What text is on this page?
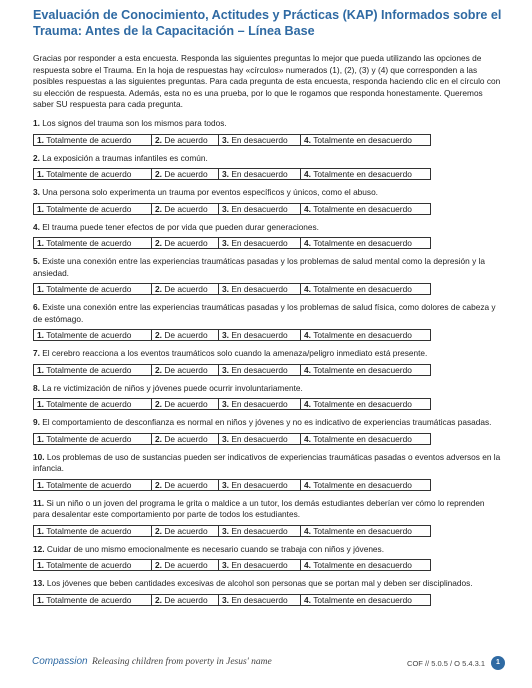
Evaluación de Conocimiento, Actitudes y Prácticas (KAP) Informados sobre el Trauma: Antes de la Capacitación – Línea Base
Gracias por responder a esta encuesta. Responda las siguientes preguntas lo mejor que pueda utilizando las opciones de respuesta sobre el Trauma. En la hoja de respuestas hay «círculos» numerados (1), (2), (3) y (4) que corresponden a las posibles respuestas a las siguientes preguntas. Para cada pregunta de esta encuesta, responda haciendo clic en el círculo con su elección de respuesta. Además, esta no es una prueba, por lo que le rogamos que responda honestamente. Queremos saber SU respuesta para cada pregunta.
1. Los signos del trauma son los mismos para todos.
1. Totalmente de acuerdo	2. De acuerdo	3. En desacuerdo	4. Totalmente en desacuerdo
2. La exposición a traumas infantiles es común.
1. Totalmente de acuerdo	2. De acuerdo	3. En desacuerdo	4. Totalmente en desacuerdo
3. Una persona solo experimenta un trauma por eventos específicos y únicos, como el abuso.
1. Totalmente de acuerdo	2. De acuerdo	3. En desacuerdo	4. Totalmente en desacuerdo
4. El trauma puede tener efectos de por vida que pueden durar generaciones.
1. Totalmente de acuerdo	2. De acuerdo	3. En desacuerdo	4. Totalmente en desacuerdo
5. Existe una conexión entre las experiencias traumáticas pasadas y los problemas de salud mental como la depresión y la ansiedad.
1. Totalmente de acuerdo	2. De acuerdo	3. En desacuerdo	4. Totalmente en desacuerdo
6. Existe una conexión entre las experiencias traumáticas pasadas y los problemas de salud física, como dolores de cabeza y de estómago.
1. Totalmente de acuerdo	2. De acuerdo	3. En desacuerdo	4. Totalmente en desacuerdo
7. El cerebro reacciona a los eventos traumáticos solo cuando la amenaza/peligro inmediato está presente.
1. Totalmente de acuerdo	2. De acuerdo	3. En desacuerdo	4. Totalmente en desacuerdo
8. La re victimización de niños y jóvenes puede ocurrir involuntariamente.
1. Totalmente de acuerdo	2. De acuerdo	3. En desacuerdo	4. Totalmente en desacuerdo
9. El comportamiento de desconfianza es normal en niños y jóvenes y no es indicativo de experiencias traumáticas pasadas.
1. Totalmente de acuerdo	2. De acuerdo	3. En desacuerdo	4. Totalmente en desacuerdo
10. Los problemas de uso de sustancias pueden ser indicativos de experiencias traumáticas pasadas o eventos adversos en la infancia.
1. Totalmente de acuerdo	2. De acuerdo	3. En desacuerdo	4. Totalmente en desacuerdo
11. Si un niño o un joven del programa le grita o maldice a un tutor, los demás estudiantes deberían ver cómo lo reprenden para desalentar este comportamiento por parte de todos los estudiantes.
1. Totalmente de acuerdo	2. De acuerdo	3. En desacuerdo	4. Totalmente en desacuerdo
12. Cuidar de uno mismo emocionalmente es necesario cuando se trabaja con niños y jóvenes.
1. Totalmente de acuerdo	2. De acuerdo	3. En desacuerdo	4. Totalmente en desacuerdo
13. Los jóvenes que beben cantidades excesivas de alcohol son personas que se portan mal y deben ser disciplinados.
1. Totalmente de acuerdo	2. De acuerdo	3. En desacuerdo	4. Totalmente en desacuerdo
Compassion Releasing children from poverty in Jesus' name	COF // 5.0.5 / O 5.4.3.1	1
